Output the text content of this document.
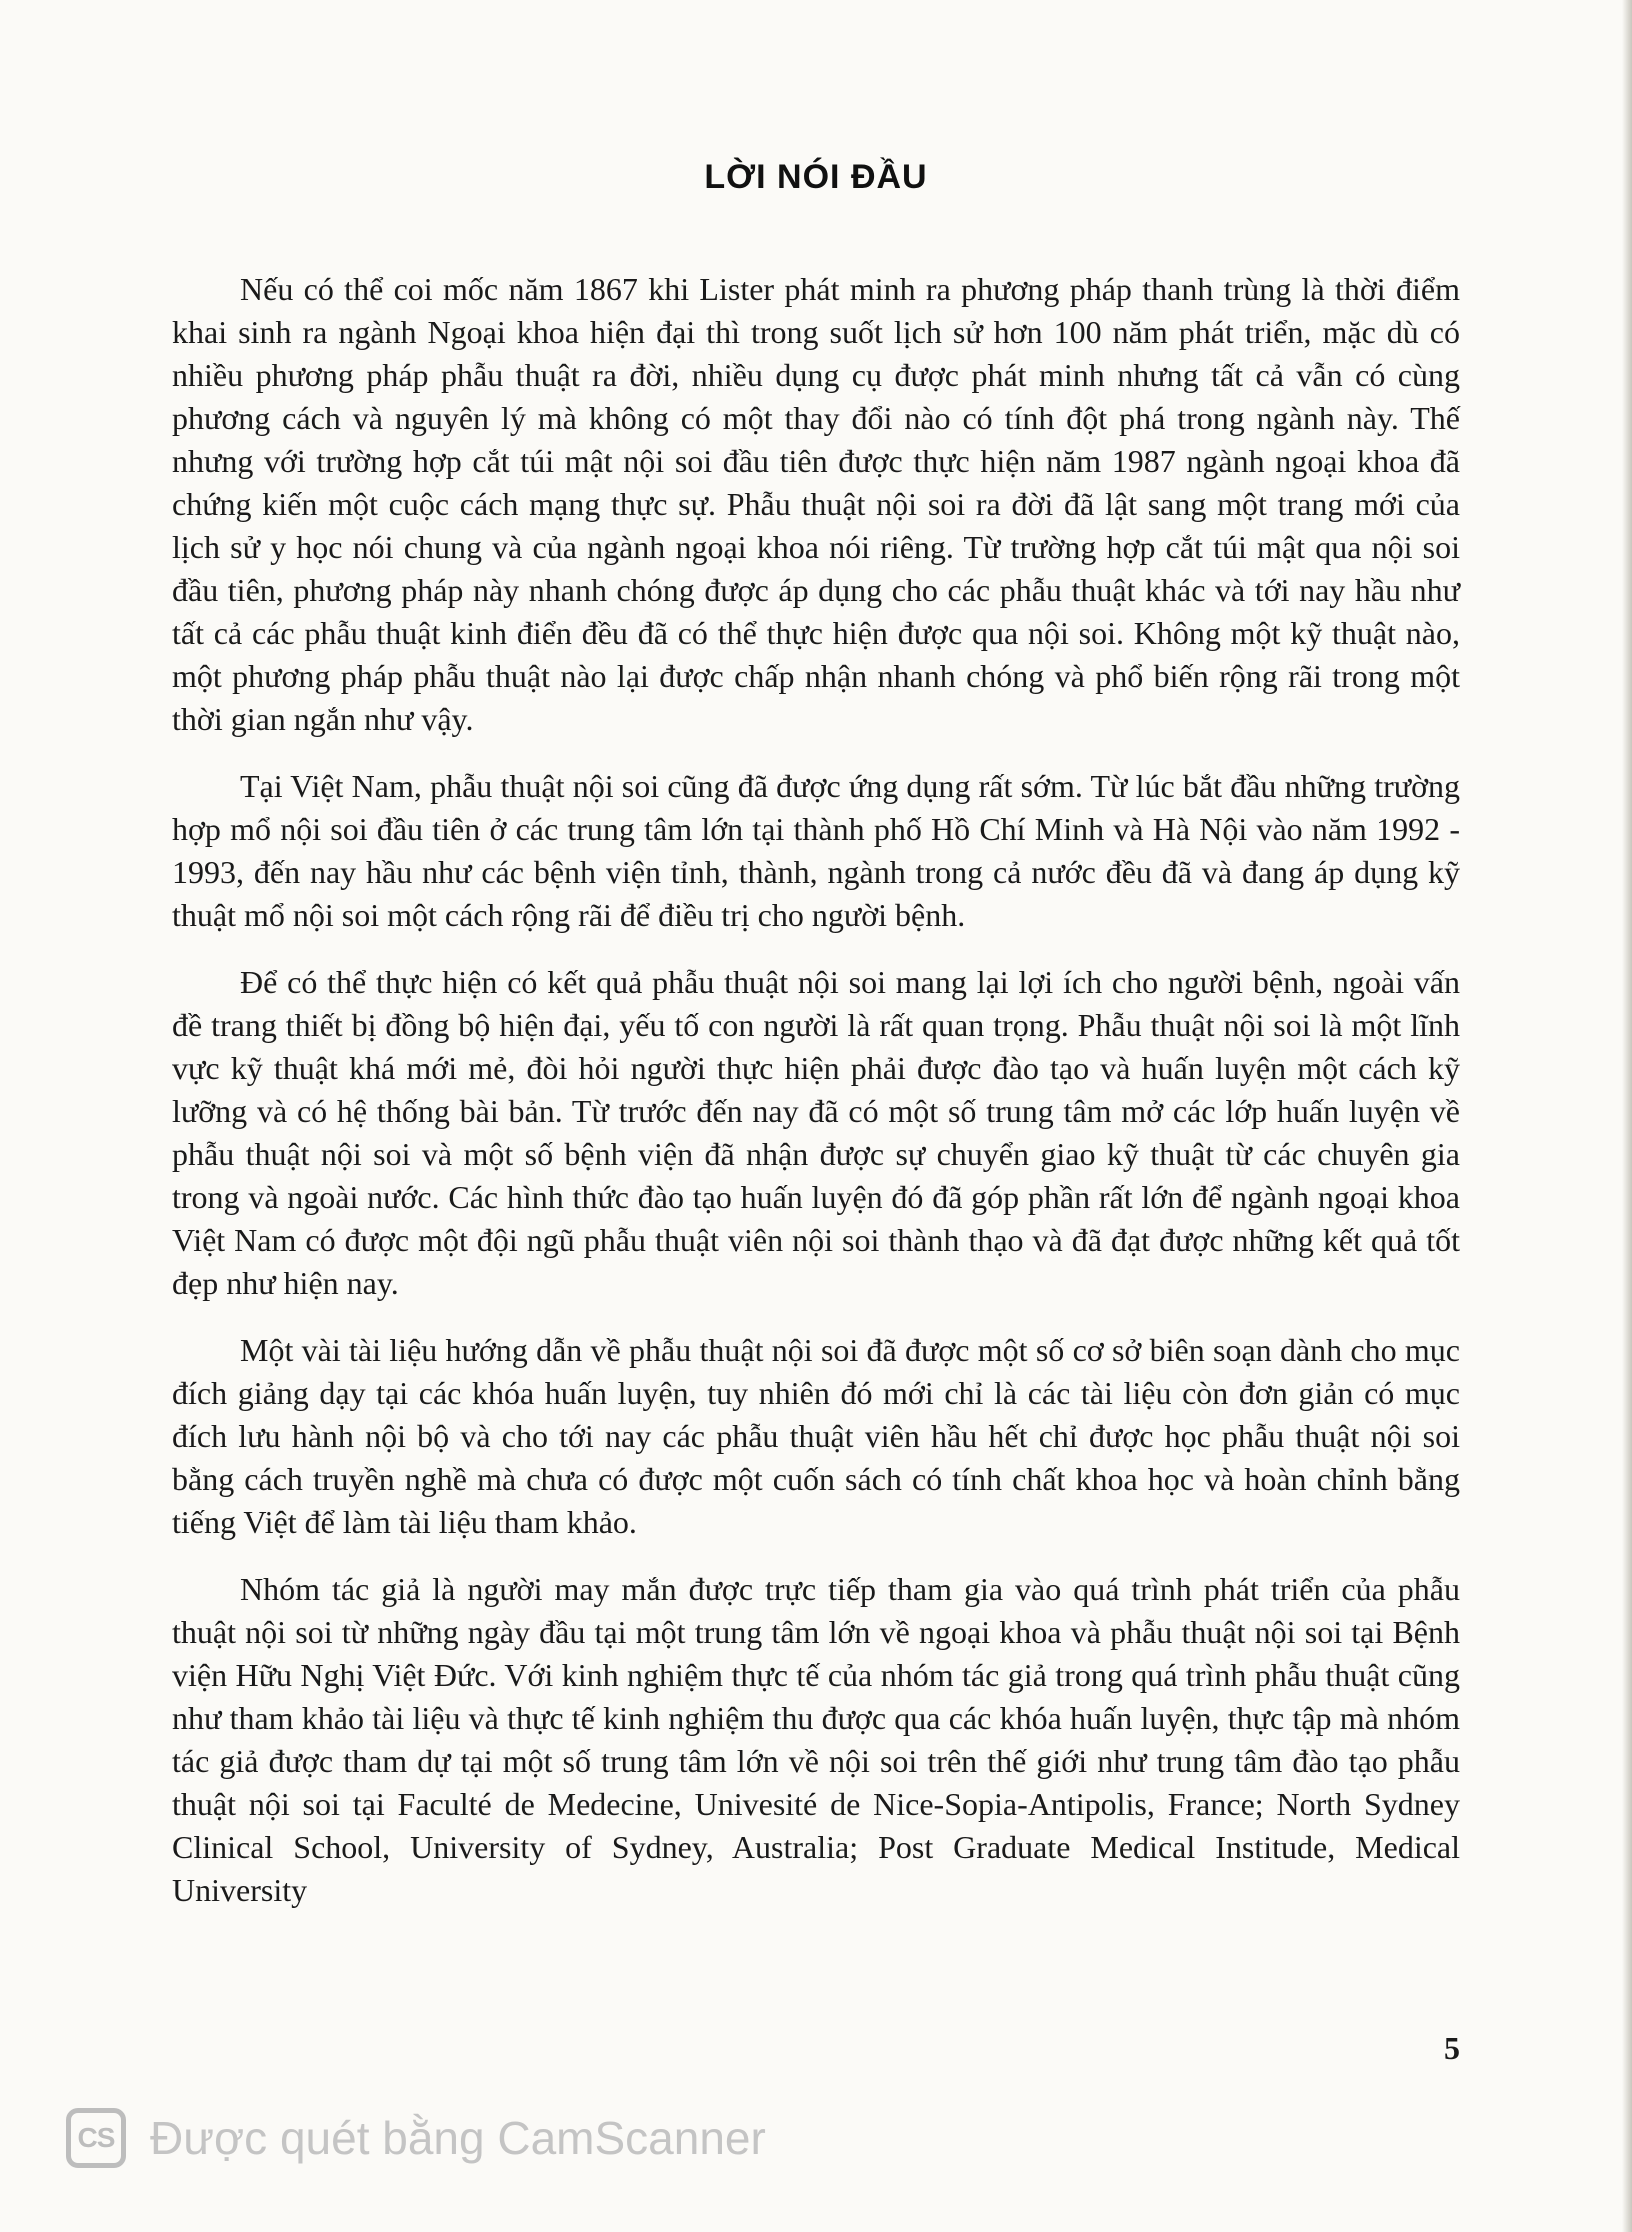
LỜI NÓI ĐẦU

Nếu có thể coi mốc năm 1867 khi Lister phát minh ra phương pháp thanh trùng là thời điểm khai sinh ra ngành Ngoại khoa hiện đại thì trong suốt lịch sử hơn 100 năm phát triển, mặc dù có nhiều phương pháp phẫu thuật ra đời, nhiều dụng cụ được phát minh nhưng tất cả vẫn có cùng phương cách và nguyên lý mà không có một thay đổi nào có tính đột phá trong ngành này. Thế nhưng với trường hợp cắt túi mật nội soi đầu tiên được thực hiện năm 1987 ngành ngoại khoa đã chứng kiến một cuộc cách mạng thực sự. Phẫu thuật nội soi ra đời đã lật sang một trang mới của lịch sử y học nói chung và của ngành ngoại khoa nói riêng. Từ trường hợp cắt túi mật qua nội soi đầu tiên, phương pháp này nhanh chóng được áp dụng cho các phẫu thuật khác và tới nay hầu như tất cả các phẫu thuật kinh điển đều đã có thể thực hiện được qua nội soi. Không một kỹ thuật nào, một phương pháp phẫu thuật nào lại được chấp nhận nhanh chóng và phổ biến rộng rãi trong một thời gian ngắn như vậy.

Tại Việt Nam, phẫu thuật nội soi cũng đã được ứng dụng rất sớm. Từ lúc bắt đầu những trường hợp mổ nội soi đầu tiên ở các trung tâm lớn tại thành phố Hồ Chí Minh và Hà Nội vào năm 1992 - 1993, đến nay hầu như các bệnh viện tỉnh, thành, ngành trong cả nước đều đã và đang áp dụng kỹ thuật mổ nội soi một cách rộng rãi để điều trị cho người bệnh.

Để có thể thực hiện có kết quả phẫu thuật nội soi mang lại lợi ích cho người bệnh, ngoài vấn đề trang thiết bị đồng bộ hiện đại, yếu tố con người là rất quan trọng. Phẫu thuật nội soi là một lĩnh vực kỹ thuật khá mới mẻ, đòi hỏi người thực hiện phải được đào tạo và huấn luyện một cách kỹ lưỡng và có hệ thống bài bản. Từ trước đến nay đã có một số trung tâm mở các lớp huấn luyện về phẫu thuật nội soi và một số bệnh viện đã nhận được sự chuyển giao kỹ thuật từ các chuyên gia trong và ngoài nước. Các hình thức đào tạo huấn luyện đó đã góp phần rất lớn để ngành ngoại khoa Việt Nam có được một đội ngũ phẫu thuật viên nội soi thành thạo và đã đạt được những kết quả tốt đẹp như hiện nay.

Một vài tài liệu hướng dẫn về phẫu thuật nội soi đã được một số cơ sở biên soạn dành cho mục đích giảng dạy tại các khóa huấn luyện, tuy nhiên đó mới chỉ là các tài liệu còn đơn giản có mục đích lưu hành nội bộ và cho tới nay các phẫu thuật viên hầu hết chỉ được học phẫu thuật nội soi bằng cách truyền nghề mà chưa có được một cuốn sách có tính chất khoa học và hoàn chỉnh bằng tiếng Việt để làm tài liệu tham khảo.

Nhóm tác giả là người may mắn được trực tiếp tham gia vào quá trình phát triển của phẫu thuật nội soi từ những ngày đầu tại một trung tâm lớn về ngoại khoa và phẫu thuật nội soi tại Bệnh viện Hữu Nghị Việt Đức. Với kinh nghiệm thực tế của nhóm tác giả trong quá trình phẫu thuật cũng như tham khảo tài liệu và thực tế kinh nghiệm thu được qua các khóa huấn luyện, thực tập mà nhóm tác giả được tham dự tại một số trung tâm lớn về nội soi trên thế giới như trung tâm đào tạo phẫu thuật nội soi tại Faculté de Medecine, Univesité de Nice-Sopia-Antipolis, France; North Sydney Clinical School, University of Sydney, Australia; Post Graduate Medical Institude, Medical University

5
CS Được quét bằng CamScanner
